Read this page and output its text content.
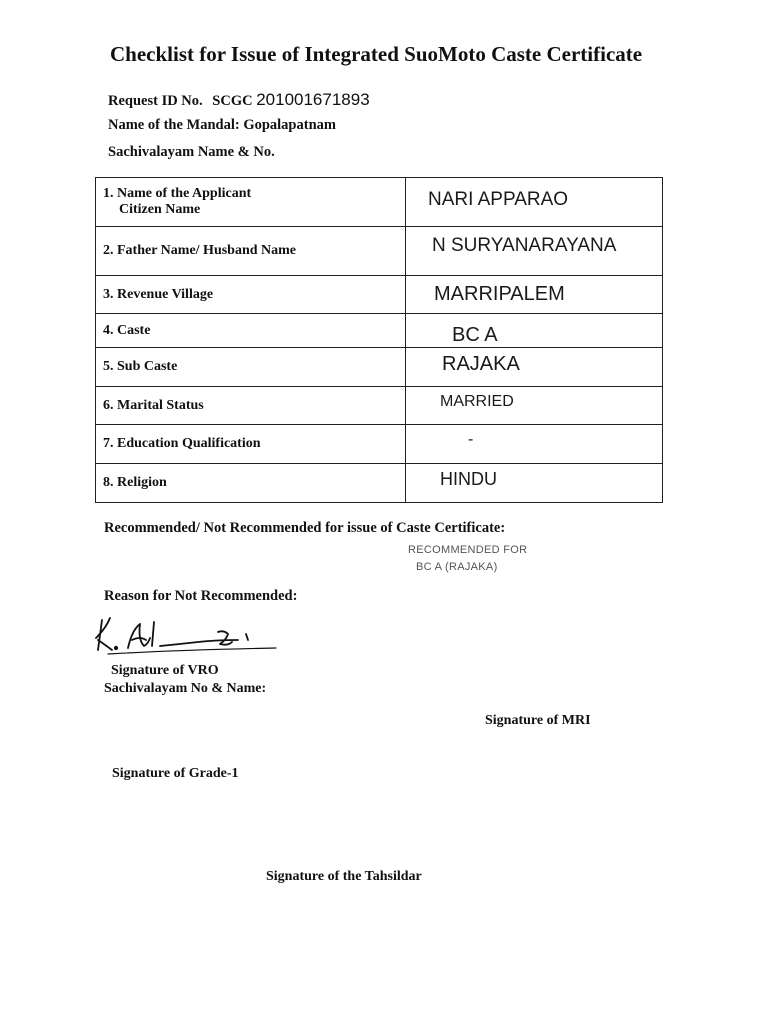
Checklist for Issue of Integrated SuoMoto Caste Certificate
Request ID No. SCGC 201001671893
Name of the Mandal: Gopalapatnam
Sachivalayam Name & No.
1. Name of the Applicant
Citizen Name	NARI APPARAO

2. Father Name/ Husband Name	N SURYANARAYANA

3. Revenue Village	MARRIPALEM

4. Caste	BC A

5. Sub Caste	RAJAKA

6. Marital Status	MARRIED

7. Education Qualification	-

8. Religion	HINDU
Recommended/ Not Recommended for issue of Caste Certificate:
RECOMMENDED FOR
BC A (RAJAKA)
Reason for Not Recommended:
Signature of VRO
Sachivalayam No & Name:
Signature of MRI
Signature of Grade-1
Signature of the Tahsildar
